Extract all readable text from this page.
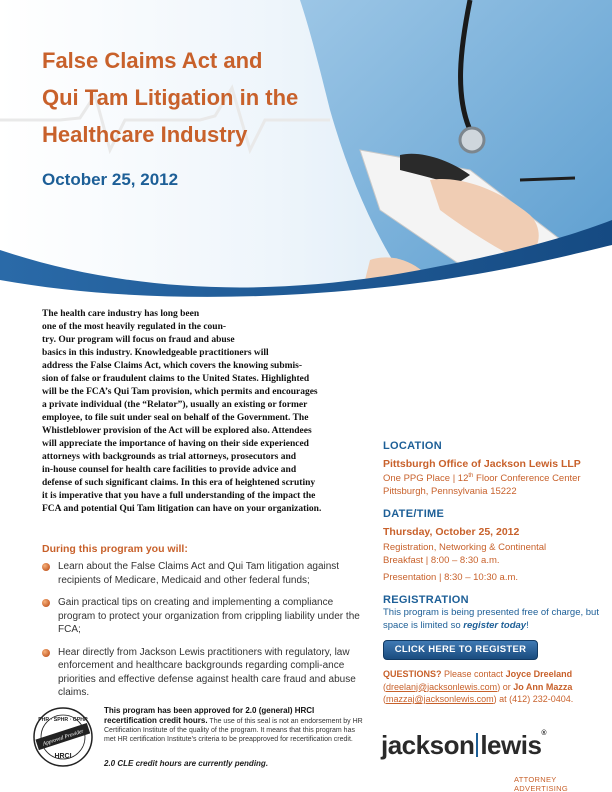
False Claims Act and
Qui Tam Litigation in the
Healthcare Industry
October 25, 2012
The health care industry has long been
one of the most heavily regulated in the coun-
try. Our program will focus on fraud and abuse
basics in this industry. Knowledgeable practitioners will
address the False Claims Act, which covers the knowing submis-
sion of false or fraudulent claims to the United States. Highlighted
will be the FCA’s Qui Tam provision, which permits and encourages
a private individual (the “Relator”), usually an existing or former
employee, to file suit under seal on behalf of the Government. The
Whistleblower provision of the Act will be explored also. Attendees
will appreciate the importance of having on their side experienced
attorneys with backgrounds as trial attorneys, prosecutors and
in-house counsel for health care facilities to provide advice and
defense of such significant claims. In this era of heightened scrutiny
it is imperative that you have a full understanding of the impact the
FCA and potential Qui Tam litigation can have on your organization.
During this program you will:
Learn about the False Claims Act and Qui Tam litigation against recipients of Medicare, Medicaid and other federal funds;
Gain practical tips on creating and implementing a compliance program to protect your organization from crippling liability under the FCA;
Hear directly from Jackson Lewis practitioners with regulatory, law enforcement and healthcare backgrounds regarding compli-ance priorities and effective defense against health care fraud and abuse claims.
PHR · SPHR · GPHR
Approved Provider
HRCI
This program has been approved for 2.0 (general) HRCI recertification credit hours. The use of this seal is not an endorsement by HR Certification Institute of the quality of the program. It means that this program has met HR certification Institute’s criteria to be preapproved for recertification credit.
2.0 CLE credit hours are currently pending.
LOCATION
Pittsburgh Office of Jackson Lewis LLP
One PPG Place | 12th Floor Conference Center
Pittsburgh, Pennsylvania 15222
DATE/TIME
Thursday, October 25, 2012
Registration, Networking & Continental
Breakfast | 8:00 – 8:30 a.m.
Presentation | 8:30 – 10:30 a.m.
REGISTRATION
This program is being presented free of charge, but space is limited so register today!
CLICK HERE TO REGISTER
QUESTIONS? Please contact Joyce Dreeland
(dreelanj@jacksonlewis.com) or Jo Ann Mazza
(mazzaj@jacksonlewis.com) at (412) 232-0404.
jackson lewis®
ATTORNEY ADVERTISING
